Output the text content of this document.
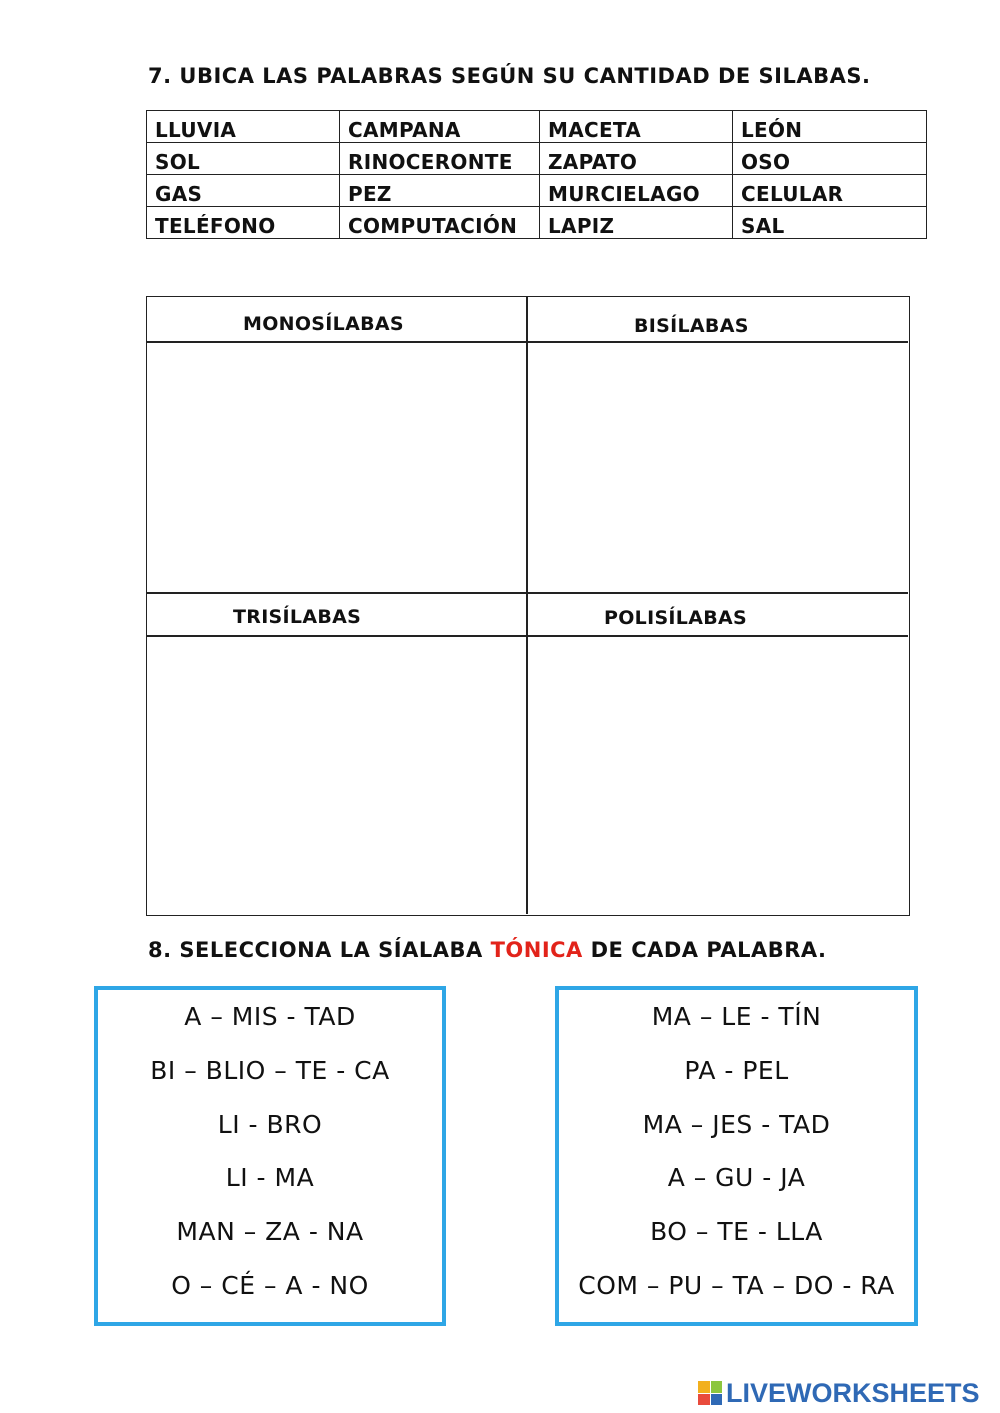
7. UBICA LAS PALABRAS SEGÚN SU CANTIDAD DE SILABAS.
LLUVIA	CAMPANA	MACETA	LEÓN
SOL	RINOCERONTE	ZAPATO	OSO
GAS	PEZ	MURCIELAGO	CELULAR
TELÉFONO	COMPUTACIÓN	LAPIZ	SAL
MONOSÍLABAS	BISÍLABAS
TRISÍLABAS	POLISÍLABAS
8. SELECCIONA LA SÍALABA TÓNICA DE CADA PALABRA.
A – MIS - TAD
BI – BLIO – TE - CA
LI - BRO
LI - MA
MAN – ZA - NA
O – CÉ – A - NO
MA – LE - TÍN
PA - PEL
MA – JES - TAD
A – GU - JA
BO – TE - LLA
COM – PU – TA – DO - RA
LIVEWORKSHEETS
